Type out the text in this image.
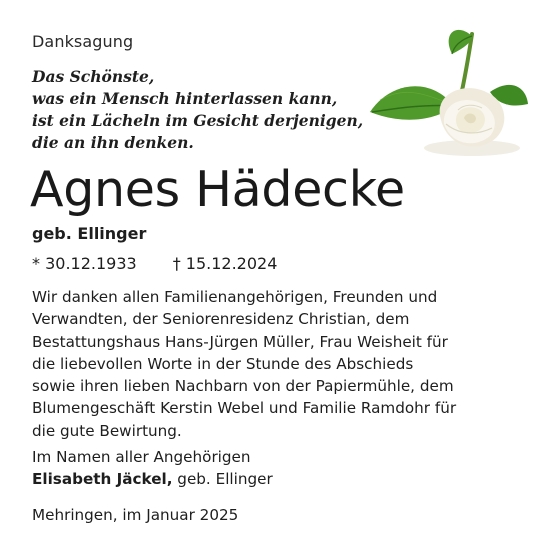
Danksagung
Das Schönste,
was ein Mensch hinterlassen kann,
ist ein Lächeln im Gesicht derjenigen,
die an ihn denken.
Agnes Hädecke
geb. Ellinger
* 30.12.1933 † 15.12.2024
Wir danken allen Familienangehörigen, Freunden und
Verwandten, der Seniorenresidenz Christian, dem
Bestattungshaus Hans-Jürgen Müller, Frau Weisheit für
die liebevollen Worte in der Stunde des Abschieds
sowie ihren lieben Nachbarn von der Papiermühle, dem
Blumengeschäft Kerstin Webel und Familie Ramdohr für
die gute Bewirtung.
Im Namen aller Angehörigen
Elisabeth Jäckel, geb. Ellinger
Mehringen, im Januar 2025
